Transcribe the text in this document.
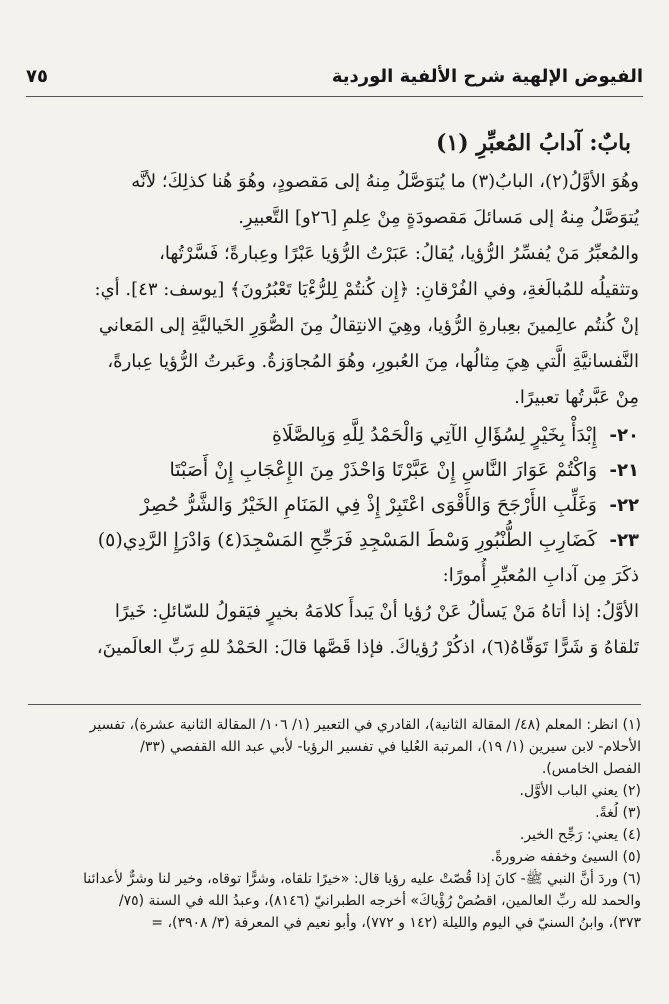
الفيوض الإلهية شرح الألفية الوردية
٧٥
بابٌ: آدابُ المُعبِّرِ (١)

وهُوَ الأوَّلُ(٢)، البابُ(٣) ما يُتوَصَّلُ مِنهُ إلى مَقصودٍ، وهُوَ هُنا كذلِكَ؛ لأنَّه
يُتوَصَّلُ مِنهُ إلى مَسائلَ مَقصودَةٍ مِنْ عِلمِ [٢٦و] التَّعبيرِ.

والمُعبِّرُ مَنْ يُفسِّرُ الرُّؤيا، يُقالُ: عَبَرْتُ الرُّؤيا عَبْرًا وعِبارةً؛ فَسَّرْتُها،
وتثقيلُه للمُبالَغةِ، وفي الفُرْقانِ: ﴿إِن كُنتُمْ لِلرُّءْيَا تَعْبُرُونَ﴾ [يوسف: ٤٣]. أي:
إنْ كُنتُم عالِمينَ بعِبارةِ الرُّؤيا، وهِيَ الانتِقالُ مِنَ الصُّوَرِ الخَياليَّةِ إلى المَعاني
النَّفسانيَّةِ الَّتي هِيَ مِثالُها، مِنَ العُبورِ، وهُوَ المُجاوَزةُ. وعَبرتُ الرُّؤيا عِبارةً،
مِنْ عَبَّرتُها تعبيرًا.

٢٠-
إِبْدَأْ بِخَيْرٍ لِسُؤَالِ الآتِي وَالْحَمْدُ لِلَّهِ وَبِالصَّلَاةِ
٢١-
وَاكْتُمْ عَوَارَ النَّاسِ إِنْ عَبَّرْتَا وَاحْذَرْ مِنَ الإِعْجَابِ إِنْ أَصَبْتَا
٢٢-
وَغَلِّبِ الأَرْجَحَ وَالأَقْوَى اعْتَبِرْ إِذْ فِي المَنَامِ الخَيْرُ وَالشَّرُّ حُصِرْ
٢٣-
كَضَارِبِ الطُّنْبُورِ وَسْطَ المَسْجِدِ فَرَجِّحِ المَسْجِدَ(٤) وَادْرَإِ الرَّدِي(٥)

ذكَرَ مِن آدابِ المُعبِّرِ أُمورًا:

الأوَّلُ: إذا أتاهُ مَنْ يَسألُ عَنْ رُؤيا أنْ يَبدأَ كلامَهُ بخيرٍ فيَقولُ للسّائلِ: خَيرًا
تَلقاهُ وَ شَرًّا تَوَقّاهُ(٦)، اذكُرْ رُؤياكَ. فإذا قَصَّها قالَ: الحَمْدُ للهِ رَبِّ العالَمينَ،

(١) انظر: المعلم (٤٨/ المقالة الثانية)، القادري في التعبير (١/ ١٠٦/ المقالة الثانية عشرة)، تفسير
الأحلام- لابن سيرين (١/ ١٩)، المرتبة العُليا في تفسير الرؤيا- لأبي عبد الله القفصي (٣٣/
الفصل الخامس).
(٢) يعني الباب الأوَّل.
(٣) لُغةً.
(٤) يعني: رَجِّح الخير.
(٥) السيئ وخففه ضرورةً.
(٦) وردَ أنَّ النبي ﷺ- كانَ إذا قُصّتْ عليه رؤيا قال: «خيرًا تلقاه، وشرًّا توقاه، وخير لنا وشرٌّ لأعدائنا
والحمد لله ربِّ العالمين، اقصُصْ رُؤْياكَ» أخرجه الطبرانيّ (٨١٤٦)، وعبدُ الله في السنة (٧٥/
٣٧٣)، وابنُ السنيّ في اليوم والليلة (١٤٢ و ٧٧٢)، وأبو نعيم في المعرفة (٣/ ٣٩٠٨)، =
